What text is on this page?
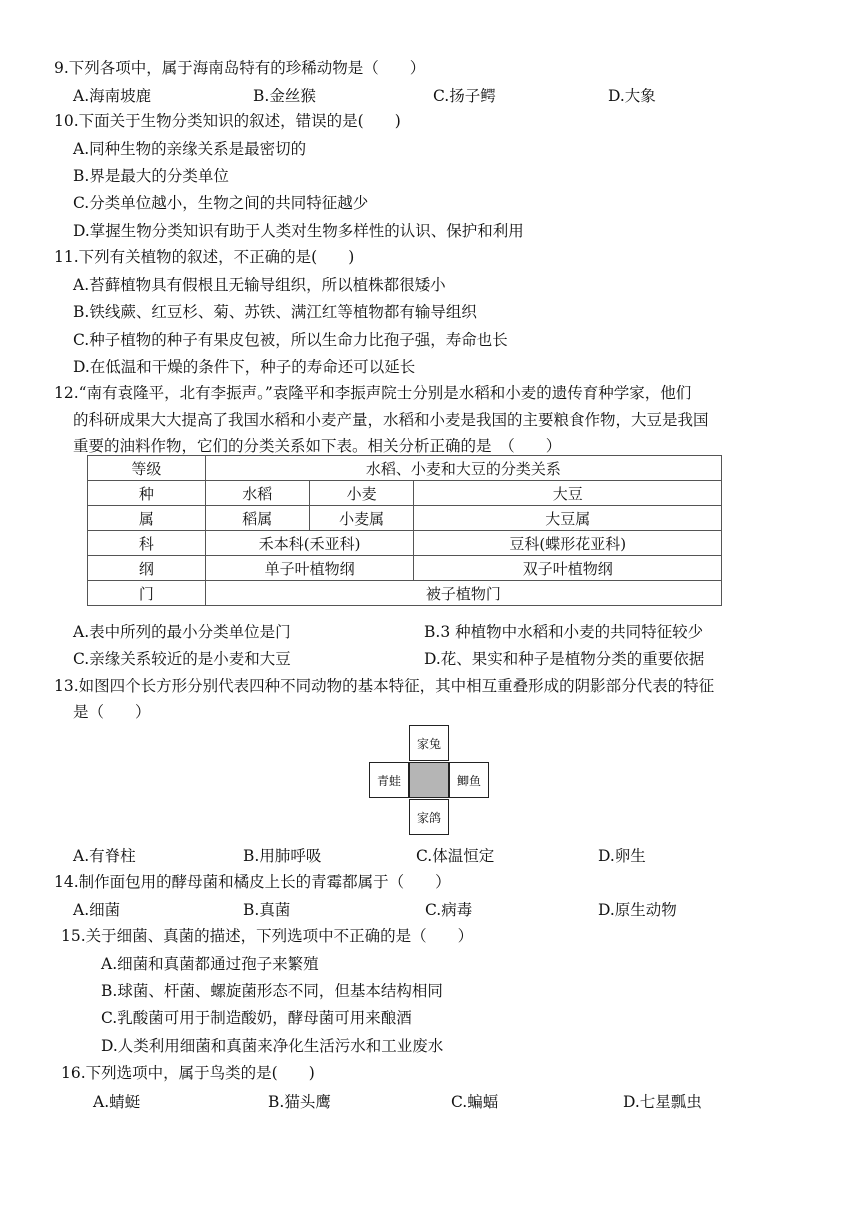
9.下列各项中，属于海南岛特有的珍稀动物是（　　）
A.海南坡鹿	B.金丝猴	C.扬子鳄	D.大象
10.下面关于生物分类知识的叙述，错误的是(　　)
A.同种生物的亲缘关系是最密切的
B.界是最大的分类单位
C.分类单位越小，生物之间的共同特征越少
D.掌握生物分类知识有助于人类对生物多样性的认识、保护和利用
11.下列有关植物的叙述，不正确的是(　　)
A.苔藓植物具有假根且无输导组织，所以植株都很矮小
B.铁线蕨、红豆杉、菊、苏铁、满江红等植物都有输导组织
C.种子植物的种子有果皮包被，所以生命力比孢子强，寿命也长
D.在低温和干燥的条件下，种子的寿命还可以延长
12.“南有袁隆平，北有李振声。”袁隆平和李振声院士分别是水稻和小麦的遗传育种学家，他们
的科研成果大大提高了我国水稻和小麦产量，水稻和小麦是我国的主要粮食作物，大豆是我国
重要的油料作物，它们的分类关系如下表。相关分析正确的是　（　　）
等级	水稻、小麦和大豆的分类关系		
种	水稻	小麦	大豆
属	稻属	小麦属	大豆属
科	禾本科(禾亚科)		豆科(蝶形花亚科)
纲	单子叶植物纲		双子叶植物纲
门	被子植物门		
A.表中所列的最小分类单位是门	B.3 种植物中水稻和小麦的共同特征较少
C.亲缘关系较近的是小麦和大豆	D.花、果实和种子是植物分类的重要依据
13.如图四个长方形分别代表四种不同动物的基本特征，其中相互重叠形成的阴影部分代表的特征
是（　　）
家兔
青蛙	鲫鱼
家鸽
A.有脊柱	B.用肺呼吸	C.体温恒定	D.卵生
14.制作面包用的酵母菌和橘皮上长的青霉都属于（　　）
A.细菌	B.真菌	C.病毒	D.原生动物
15.关于细菌、真菌的描述，下列选项中不正确的是（　　）
A.细菌和真菌都通过孢子来繁殖
B.球菌、杆菌、螺旋菌形态不同，但基本结构相同
C.乳酸菌可用于制造酸奶，酵母菌可用来酿酒
D.人类利用细菌和真菌来净化生活污水和工业废水
16.下列选项中，属于鸟类的是(　　)
A.蜻蜓	B.猫头鹰	C.蝙蝠	D.七星瓢虫
